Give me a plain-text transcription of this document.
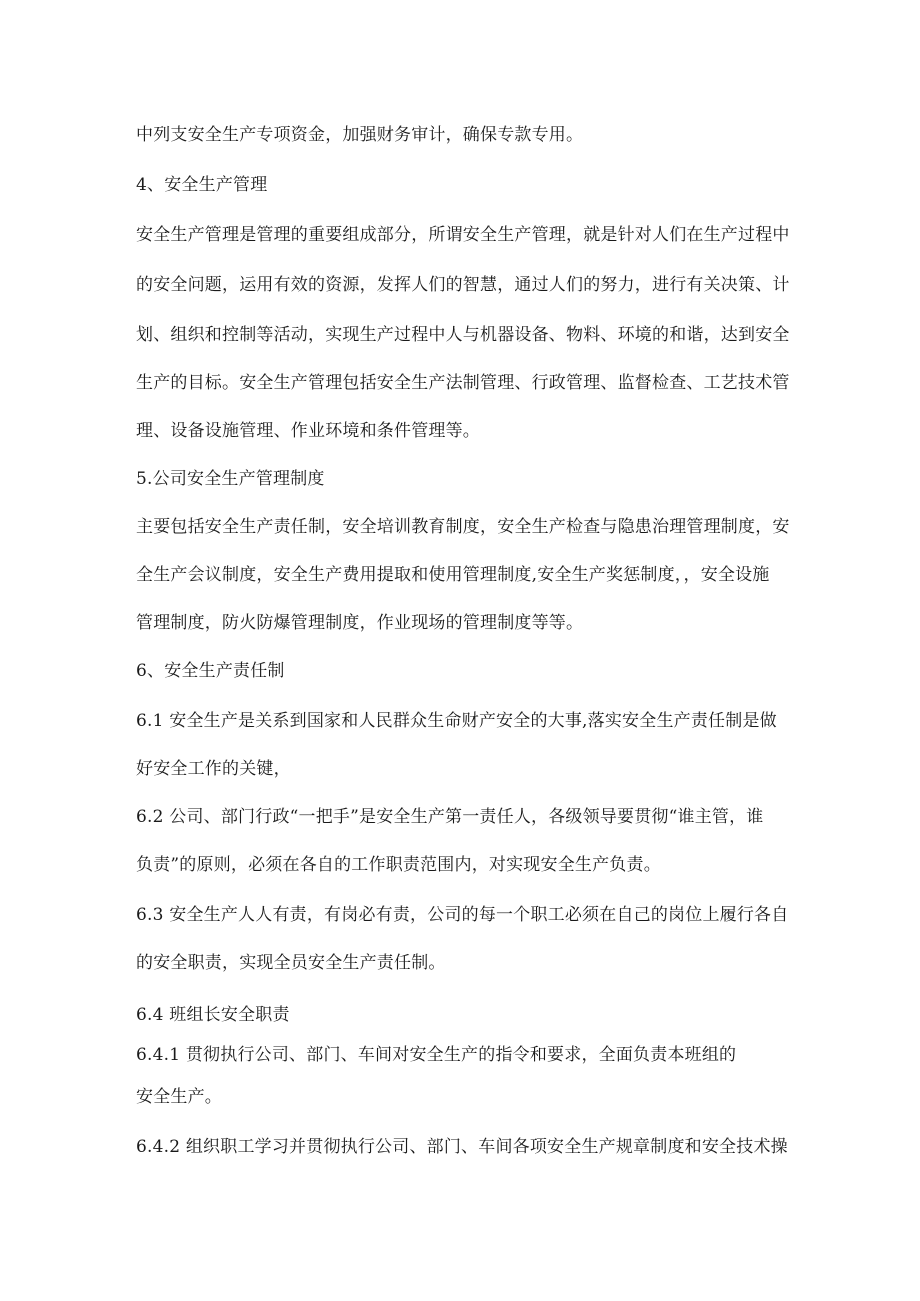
中列支安全生产专项资金，加强财务审计，确保专款专用。
4、安全生产管理
安全生产管理是管理的重要组成部分，所谓安全生产管理，就是针对人们在生产过程中
的安全问题，运用有效的资源，发挥人们的智慧，通过人们的努力，进行有关决策、计
划、组织和控制等活动，实现生产过程中人与机器设备、物料、环境的和谐，达到安全
生产的目标。安全生产管理包括安全生产法制管理、行政管理、监督检查、工艺技术管
理、设备设施管理、作业环境和条件管理等。
5.公司安全生产管理制度
主要包括安全生产责任制，安全培训教育制度，安全生产检查与隐患治理管理制度，安
全生产会议制度，安全生产费用提取和使用管理制度,安全生产奖惩制度，，安全设施
管理制度，防火防爆管理制度，作业现场的管理制度等等。
6、安全生产责任制
6.1 安全生产是关系到国家和人民群众生命财产安全的大事,落实安全生产责任制是做
好安全工作的关键，
6.2 公司、部门行政“一把手”是安全生产第一责任人，各级领导要贯彻“谁主管，谁
负责”的原则，必须在各自的工作职责范围内，对实现安全生产负责。
6.3 安全生产人人有责，有岗必有责，公司的每一个职工必须在自己的岗位上履行各自
的安全职责，实现全员安全生产责任制。
6.4 班组长安全职责
6.4.1 贯彻执行公司、部门、车间对安全生产的指令和要求，全面负责本班组的
安全生产。
6.4.2 组织职工学习并贯彻执行公司、部门、车间各项安全生产规章制度和安全技术操
